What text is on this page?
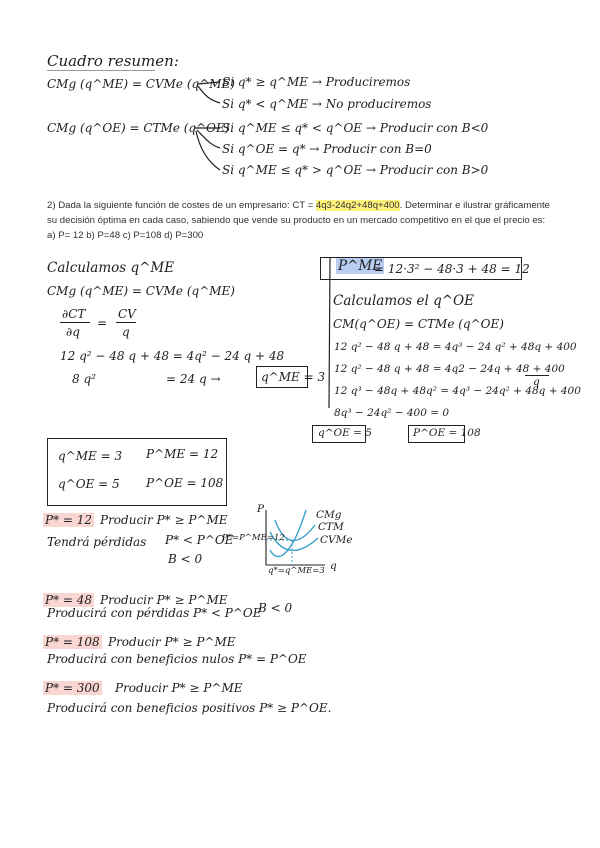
Cuadro resumen:
CMg (q^ME) = CVMe (q^ME)
Si q* ≥ q^ME → Produciremos
Si q* < q^ME → No produciremos
CMg (q^OE) = CTMe (q^OE)
Si q^ME ≤ q* < q^OE → Producir con B<0
Si q^OE = q* → Producir con B=0
Si q^ME ≤ q* > q^OE → Producir con B>0
2) Dada la siguiente función de costes de un empresario: CT = 4q3-24q2+48q+400. Determinar e ilustrar gráficamente su decisión óptima en cada caso, sabiendo que vende su producto en un mercado competitivo en el que el precio es: a) P= 12 b) P=48 c) P=108 d) P=300
Calculamos q^ME
CMg (q^ME) = CVMe (q^ME)
∂CT
∂q
=
CV
q
12 q² − 48 q + 48 = 4q² − 24 q + 48
8 q²	= 24 q →	q^ME = 3
P^ME
= 12·3² − 48·3 + 48 = 12
Calculamos el q^OE
CM(q^OE) = CTMe (q^OE)
12 q² − 48 q + 48 = 4q³ − 24 q² + 48q + 400
12 q² − 48 q + 48 = 4q2 − 24q + 48 + 400
q
12 q³ − 48q + 48q² = 4q³ − 24q² + 48q + 400
8q³ − 24q² − 400 = 0
q^OE = 5	P^OE = 108
q^ME = 3 P^ME = 12
q^OE = 5 P^OE = 108
P* = 12 Producir P* ≥ P^ME
Tendrá pérdidas P* < P^OE
B < 0
P
P*=P^ME=12
CMg
CTM
CVMe
q
q*=q^ME=3
P* = 48 Producir P* ≥ P^ME
Producirá con pérdidas P* < P^OE
B < 0
P* = 108 Producir P* ≥ P^ME
Producirá con beneficios nulos P* = P^OE
P* = 300 Producir P* ≥ P^ME
Producirá con beneficios positivos P* ≥ P^OE.
